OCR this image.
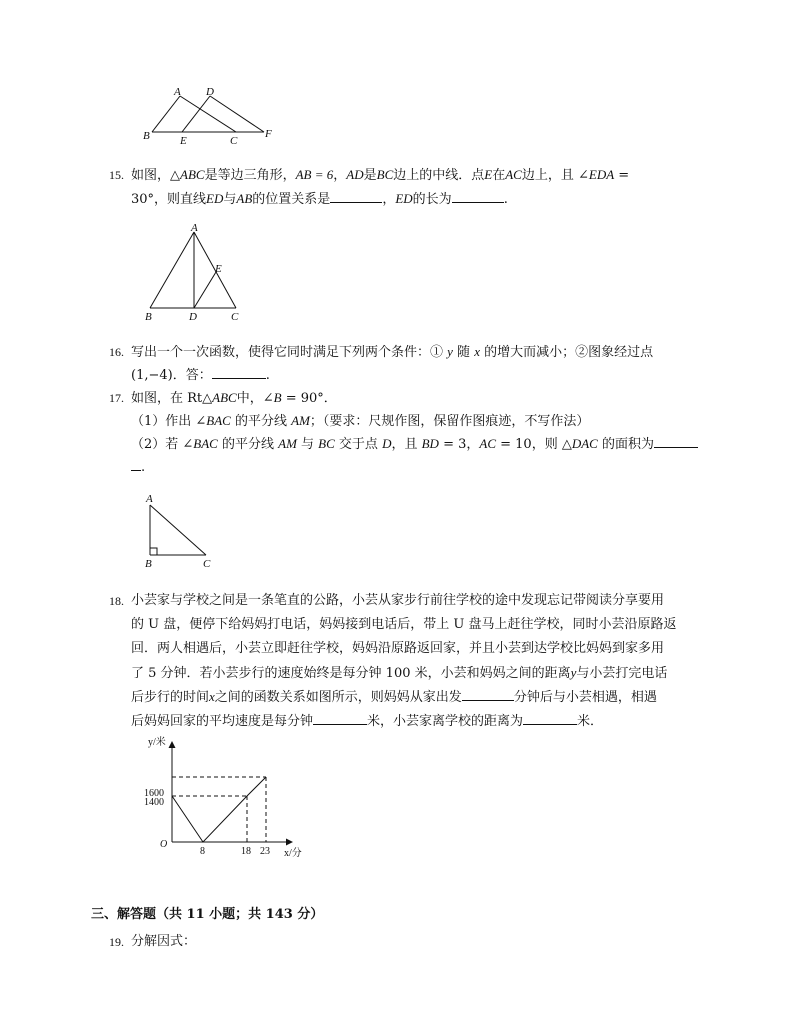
A D
B	E	C
F
15. 如图，△ABC是等边三角形，AB = 6，AD是BC边上的中线．点E在AC边上，且 ∠EDA =
30°，则直线ED与AB的位置关系是	，ED的长为	.
A
E
B	D	C
16. 写出一个一次函数，使得它同时满足下列两个条件：① y 随 x 的增大而减小；②图象经过点
(1,−4)．答：	.
17. 如图，在 Rt△ABC中，∠B = 90°．
（1）作出 ∠BAC 的平分线 AM；（要求：尺规作图，保留作图痕迹，不写作法）
（2）若 ∠BAC 的平分线 AM 与 BC 交于点 D，且 BD = 3，AC = 10，则 △DAC 的面积为
.
A
B	C
18. 小芸家与学校之间是一条笔直的公路，小芸从家步行前往学校的途中发现忘记带阅读分享要用
的 U 盘，便停下给妈妈打电话，妈妈接到电话后，带上 U 盘马上赶往学校，同时小芸沿原路返
回．两人相遇后，小芸立即赶往学校，妈妈沿原路返回家，并且小芸到达学校比妈妈到家多用
了 5 分钟．若小芸步行的速度始终是每分钟 100 米，小芸和妈妈之间的距离y与小芸打完电话
后步行的时间x之间的函数关系如图所示，则妈妈从家出发	分钟后与小芸相遇，相遇
后妈妈回家的平均速度是每分钟	米，小芸家离学校的距离为	米．
y/米
x/分
O
1600
1400
8	18 23
三、解答题（共 11 小题；共 143 分）
19. 分解因式：
